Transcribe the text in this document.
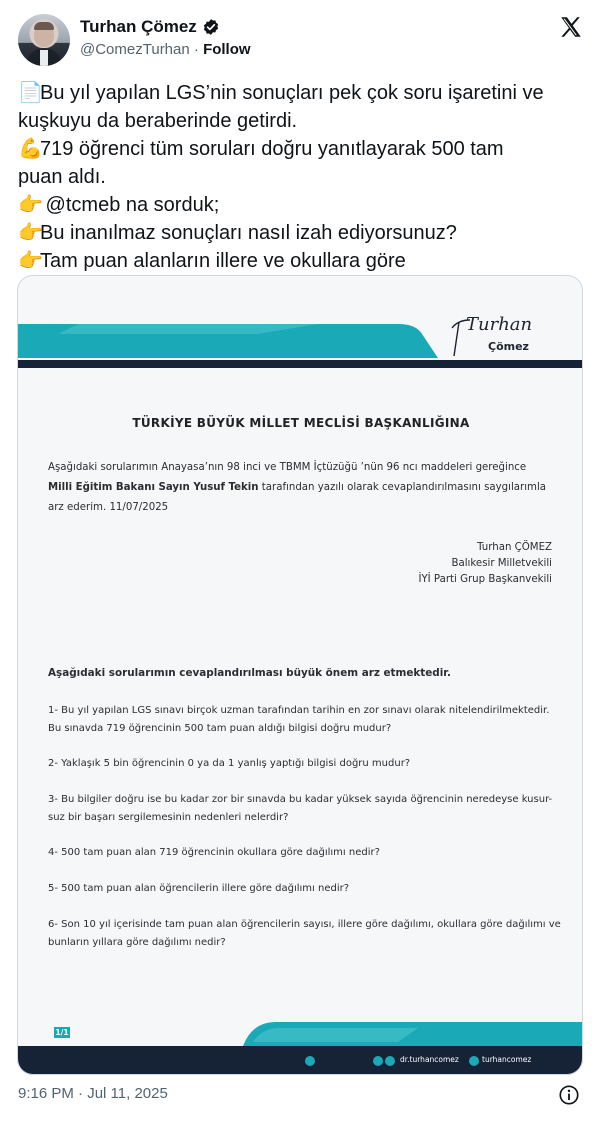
Turhan Çömez
@ComezTurhan · Follow
📄Bu yıl yapılan LGS’nin sonuçları pek çok soru işaretini ve
kuşkuyu da beraberinde getirdi.
💪719 öğrenci tüm soruları doğru yanıtlayarak 500 tam
puan aldı.
👉 @tcmeb na sorduk;
👉Bu inanılmaz sonuçları nasıl izah ediyorsunuz?
👉Tam puan alanların illere ve okullara göre
Turhan
Çömez
TÜRKİYE BÜYÜK MİLLET MECLİSİ BAŞKANLIĞINA
Aşağıdaki sorularımın Anayasa’nın 98 inci ve TBMM İçtüzüğü ’nün 96 ncı maddeleri gereğince
Milli Eğitim Bakanı Sayın Yusuf Tekin tarafından yazılı olarak cevaplandırılmasını saygılarımla
arz ederim. 11/07/2025
Turhan ÇÖMEZ
Balıkesir Milletvekili
İYİ Parti Grup Başkanvekili
Aşağıdaki sorularımın cevaplandırılması büyük önem arz etmektedir.
1- Bu yıl yapılan LGS sınavı birçok uzman tarafından tarihin en zor sınavı olarak nitelendirilmektedir.
Bu sınavda 719 öğrencinin 500 tam puan aldığı bilgisi doğru mudur?
2- Yaklaşık 5 bin öğrencinin 0 ya da 1 yanlış yaptığı bilgisi doğru mudur?
3- Bu bilgiler doğru ise bu kadar zor bir sınavda bu kadar yüksek sayıda öğrencinin neredeyse kusur-
suz bir başarı sergilemesinin nedenleri nelerdir?
4- 500 tam puan alan 719 öğrencinin okullara göre dağılımı nedir?
5- 500 tam puan alan öğrencilerin illere göre dağılımı nedir?
6- Son 10 yıl içerisinde tam puan alan öğrencilerin sayısı, illere göre dağılımı, okullara göre dağılımı ve
bunların yıllara göre dağılımı nedir?
1/1
dr.turhancomez	turhancomez
9:16 PM · Jul 11, 2025
